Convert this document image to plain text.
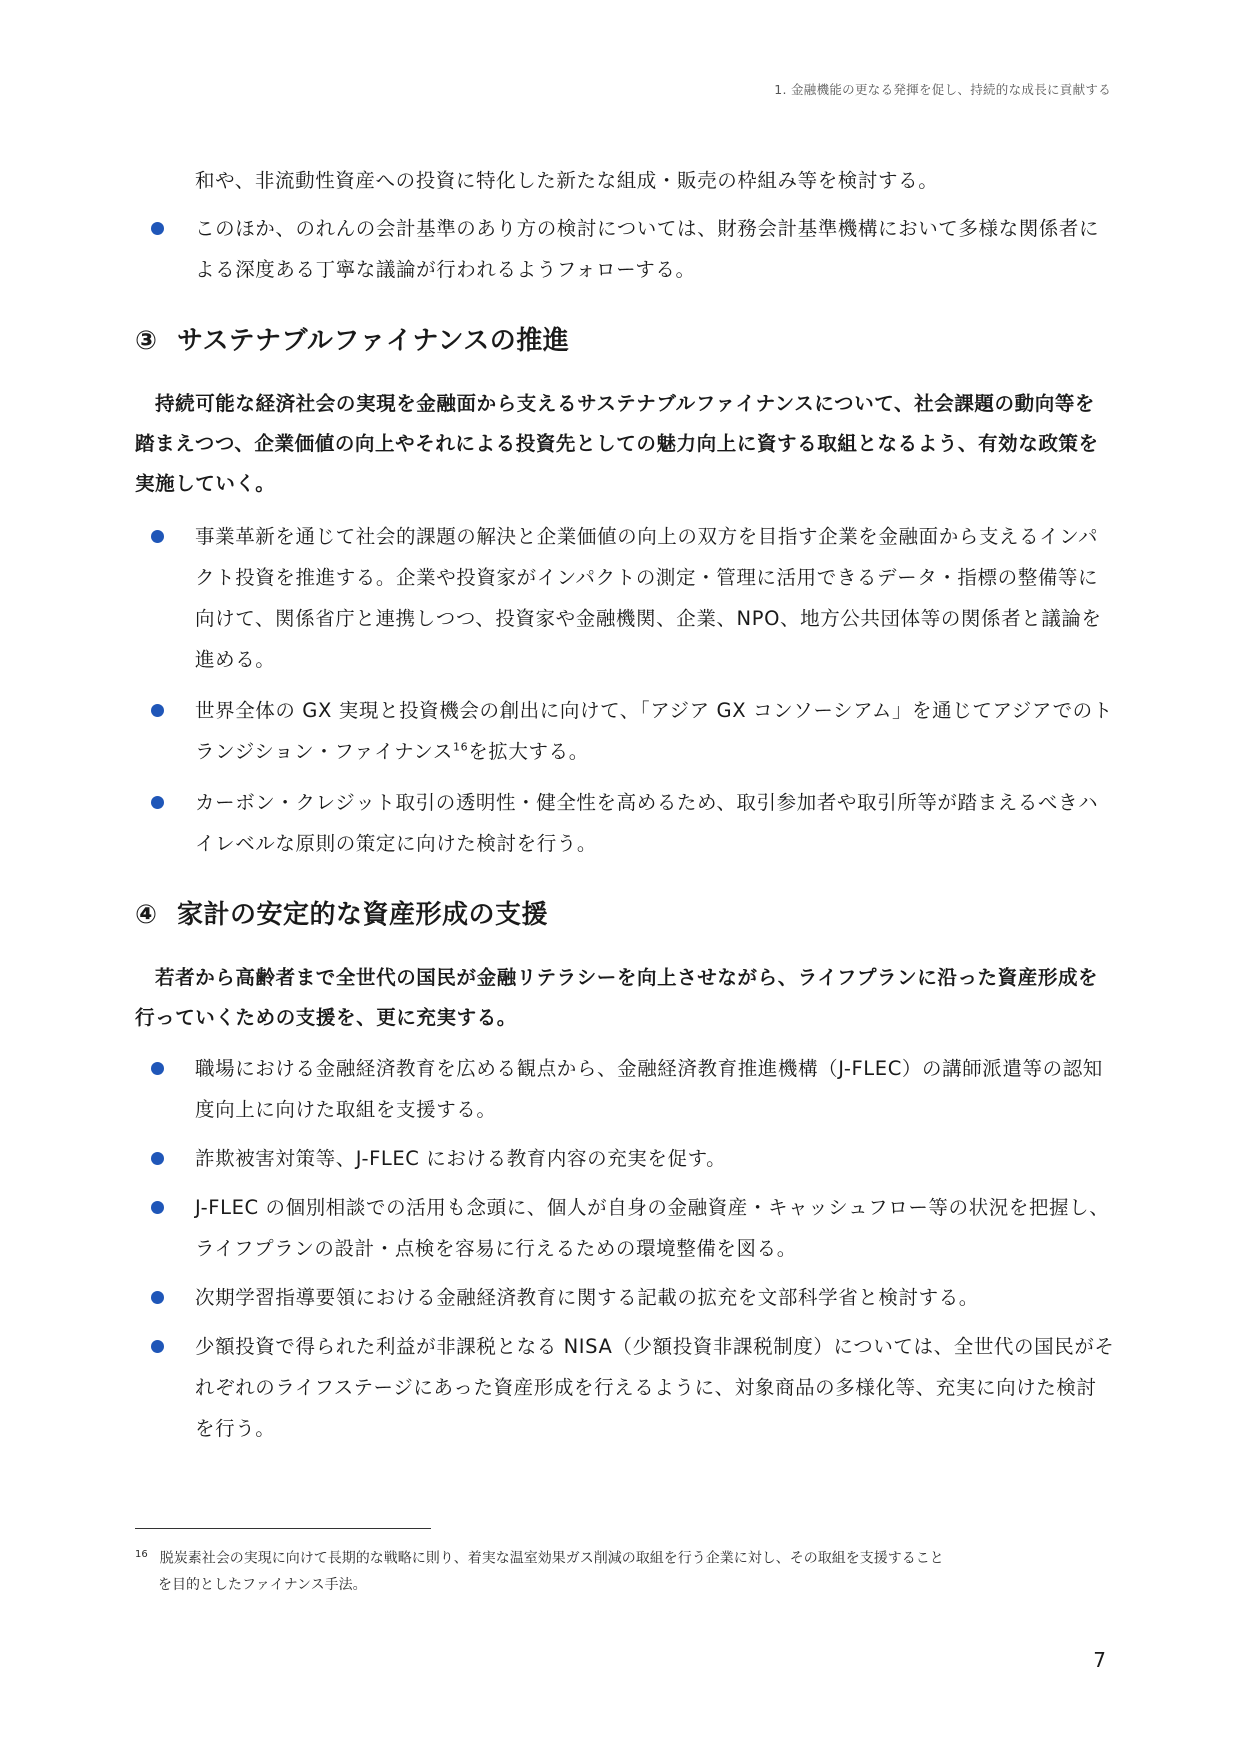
1. 金融機能の更なる発揮を促し、持続的な成長に貢献する
和や、非流動性資産への投資に特化した新たな組成・販売の枠組み等を検討する。
このほか、のれんの会計基準のあり方の検討については、財務会計基準機構において多様な関係者による深度ある丁寧な議論が行われるようフォローする。
③ サステナブルファイナンスの推進

持続可能な経済社会の実現を金融面から支えるサステナブルファイナンスについて、社会課題の動向等を踏まえつつ、企業価値の向上やそれによる投資先としての魅力向上に資する取組となるよう、有効な政策を実施していく。

事業革新を通じて社会的課題の解決と企業価値の向上の双方を目指す企業を金融面から支えるインパクト投資を推進する。企業や投資家がインパクトの測定・管理に活用できるデータ・指標の整備等に向けて、関係省庁と連携しつつ、投資家や金融機関、企業、NPO、地方公共団体等の関係者と議論を進める。
世界全体の GX 実現と投資機会の創出に向けて、「アジア GX コンソーシアム」を通じてアジアでのトランジション・ファイナンス$^{16}$を拡大する。
カーボン・クレジット取引の透明性・健全性を高めるため、取引参加者や取引所等が踏まえるべきハイレベルな原則の策定に向けた検討を行う。
④ 家計の安定的な資産形成の支援

若者から高齢者まで全世代の国民が金融リテラシーを向上させながら、ライフプランに沿った資産形成を行っていくための支援を、更に充実する。

職場における金融経済教育を広める観点から、金融経済教育推進機構（J-FLEC）の講師派遣等の認知度向上に向けた取組を支援する。
詐欺被害対策等、J-FLEC における教育内容の充実を促す。
J-FLEC の個別相談での活用も念頭に、個人が自身の金融資産・キャッシュフロー等の状況を把握し、ライフプランの設計・点検を容易に行えるための環境整備を図る。
次期学習指導要領における金融経済教育に関する記載の拡充を文部科学省と検討する。
少額投資で得られた利益が非課税となる NISA（少額投資非課税制度）については、全世代の国民がそれぞれのライフステージにあった資産形成を行えるように、対象商品の多様化等、充実に向けた検討を行う。
$^{16}$ 脱炭素社会の実現に向けて長期的な戦略に則り、着実な温室効果ガス削減の取組を行う企業に対し、その取組を支援すること
を目的としたファイナンス手法。
7
